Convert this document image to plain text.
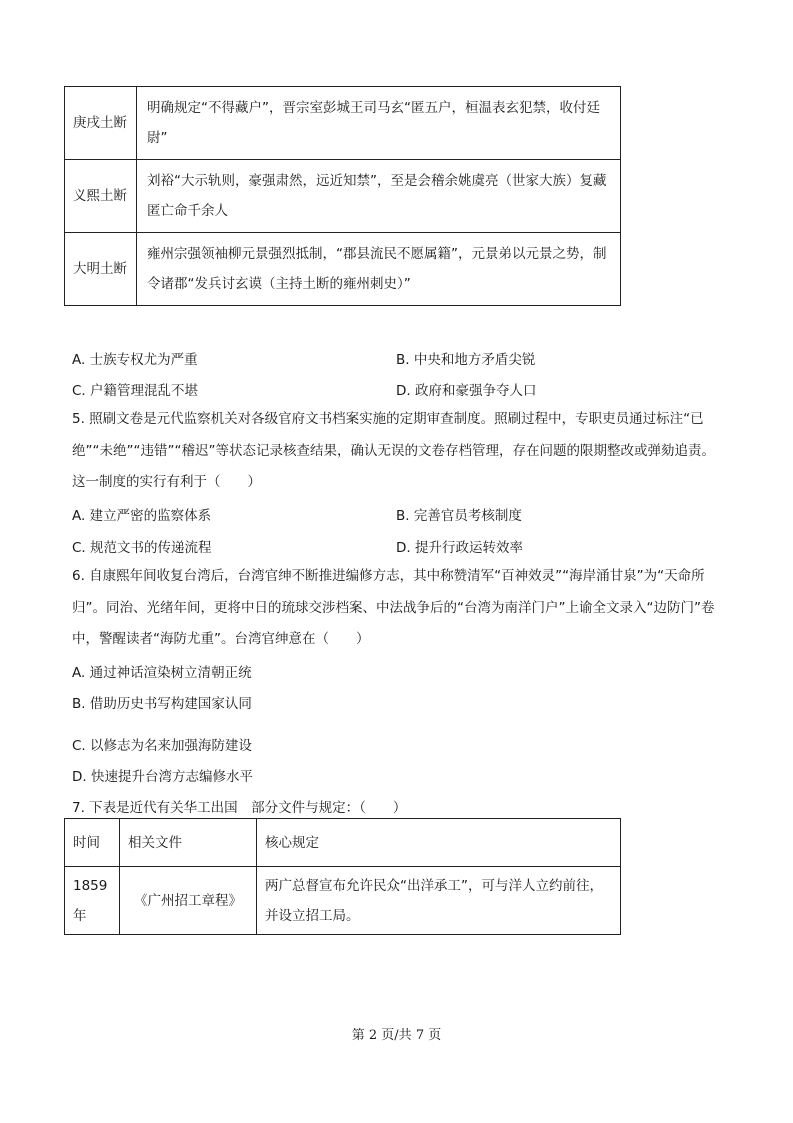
庚戌土断	明确规定“不得藏户”，晋宗室彭城王司马玄“匿五户，桓温表玄犯禁，收付廷尉”
义熙土断	刘裕“大示轨则，豪强肃然，远近知禁”，至是会稽余姚虞亮（世家大族）复藏匿亡命千余人
大明土断	雍州宗强领袖柳元景强烈抵制，“郡县流民不愿属籍”，元景弟以元景之势，制令诸郡“发兵讨玄谟（主持土断的雍州刺史）”
A. 士族专权尤为严重	B. 中央和地方矛盾尖锐
C. 户籍管理混乱不堪	D. 政府和豪强争夺人口
5. 照刷文卷是元代监察机关对各级官府文书档案实施的定期审查制度。照刷过程中，专职吏员通过标注“已绝”“未绝”“违错”“稽迟”等状态记录核查结果，确认无误的文卷存档管理，存在问题的限期整改或弹劾追责。这一制度的实行有利于（　　）
A. 建立严密的监察体系	B. 完善官员考核制度
C. 规范文书的传递流程	D. 提升行政运转效率
6. 自康熙年间收复台湾后，台湾官绅不断推进编修方志，其中称赞清军“百神效灵”“海岸涌甘泉”为“天命所归”。同治、光绪年间，更将中日的琉球交涉档案、中法战争后的“台湾为南洋门户”上谕全文录入“边防门”卷中，警醒读者“海防尤重”。台湾官绅意在（　　）
A. 通过神话渲染树立清朝正统
B. 借助历史书写构建国家认同
C. 以修志为名来加强海防建设
D. 快速提升台湾方志编修水平
7. 下表是近代有关华工出国　部分文件与规定：（　　）
时间	相关文件	核心规定
1859年	《广州招工章程》	两广总督宣布允许民众“出洋承工”，可与洋人立约前往，并设立招工局。
第 2 页/共 7 页
